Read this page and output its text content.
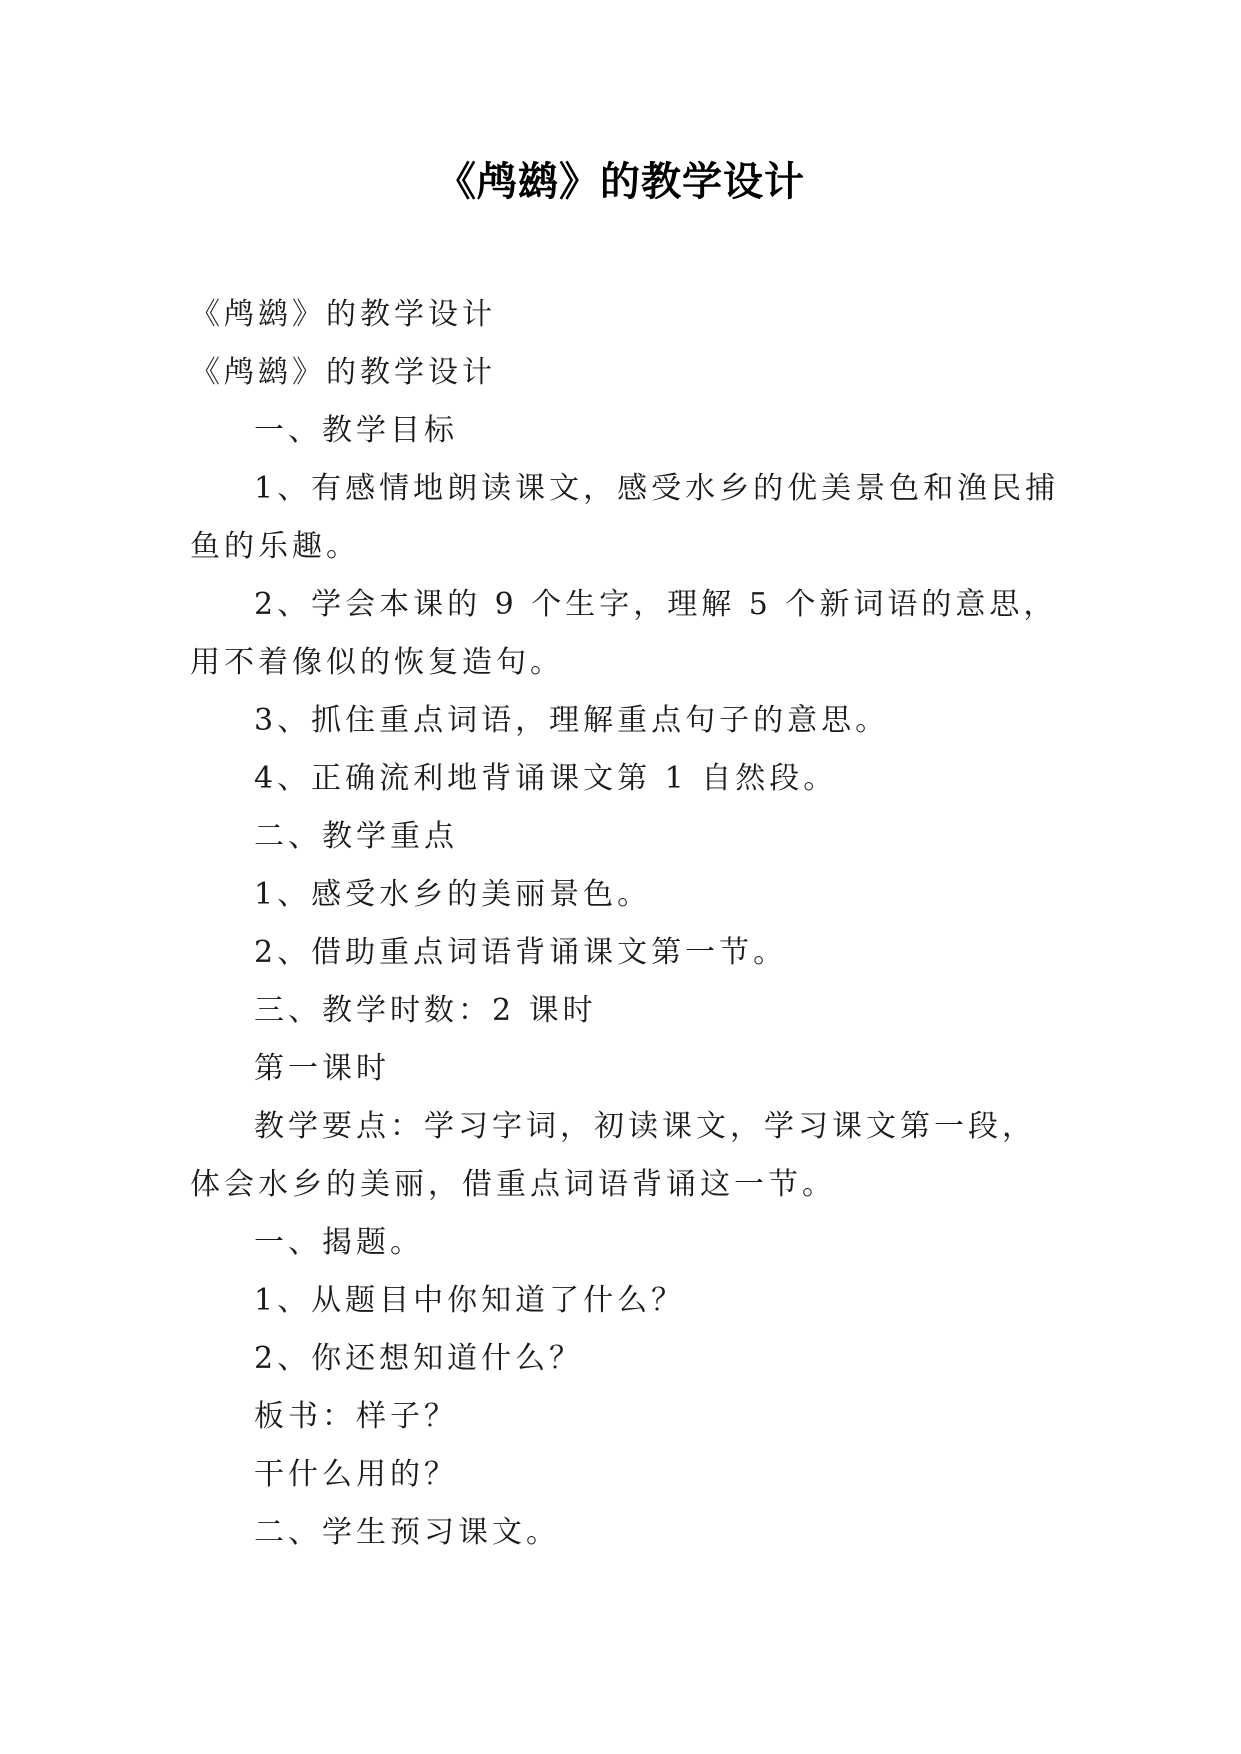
《鸬鹚》的教学设计

《鸬鹚》的教学设计

《鸬鹚》的教学设计

一、教学目标

1、有感情地朗读课文，感受水乡的优美景色和渔民捕鱼的乐趣。

2、学会本课的 9 个生字，理解 5 个新词语的意思，用不着像似的恢复造句。

3、抓住重点词语，理解重点句子的意思。

4、正确流利地背诵课文第 1 自然段。

二、教学重点

1、感受水乡的美丽景色。

2、借助重点词语背诵课文第一节。

三、教学时数：2 课时

第一课时

教学要点：学习字词，初读课文，学习课文第一段，体会水乡的美丽，借重点词语背诵这一节。

一、揭题。

1、从题目中你知道了什么？

2、你还想知道什么？

板书：样子？

干什么用的？

二、学生预习课文。
